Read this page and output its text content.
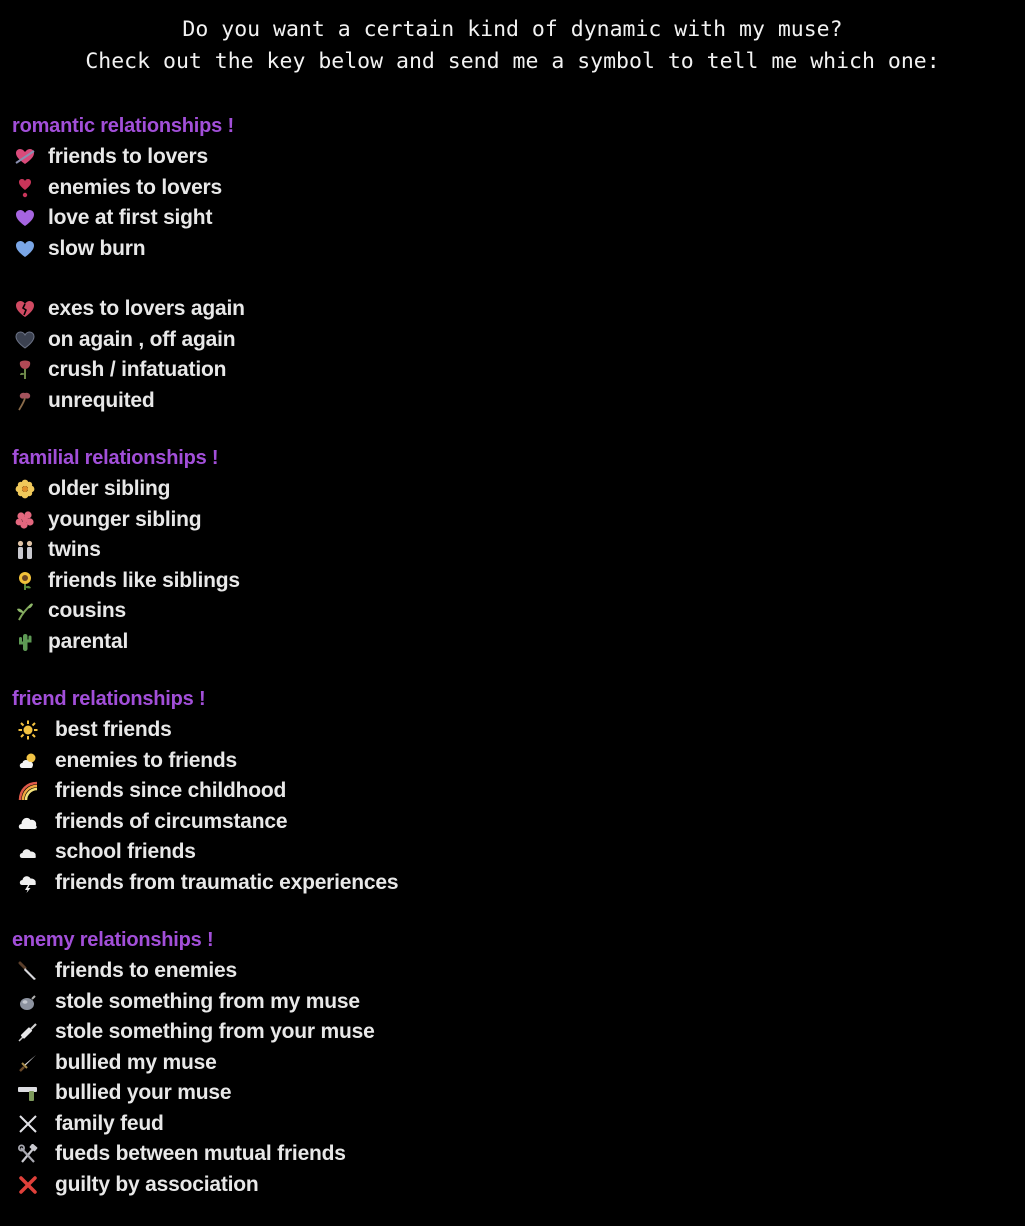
Do you want a certain kind of dynamic with my muse?
Check out the key below and send me a symbol to tell me which one:
romantic relationships !
friends to lovers
enemies to lovers
love at first sight
slow burn
exes to lovers again
on again , off again
crush / infatuation
unrequited
familial relationships !
older sibling
younger sibling
twins
friends like siblings
cousins
parental
friend relationships !
best friends
enemies to friends
friends since childhood
friends of circumstance
school friends
friends from traumatic experiences
enemy relationships !
friends to enemies
stole something from my muse
stole something from your muse
bullied my muse
bullied your muse
family feud
fueds between mutual friends
guilty by association
